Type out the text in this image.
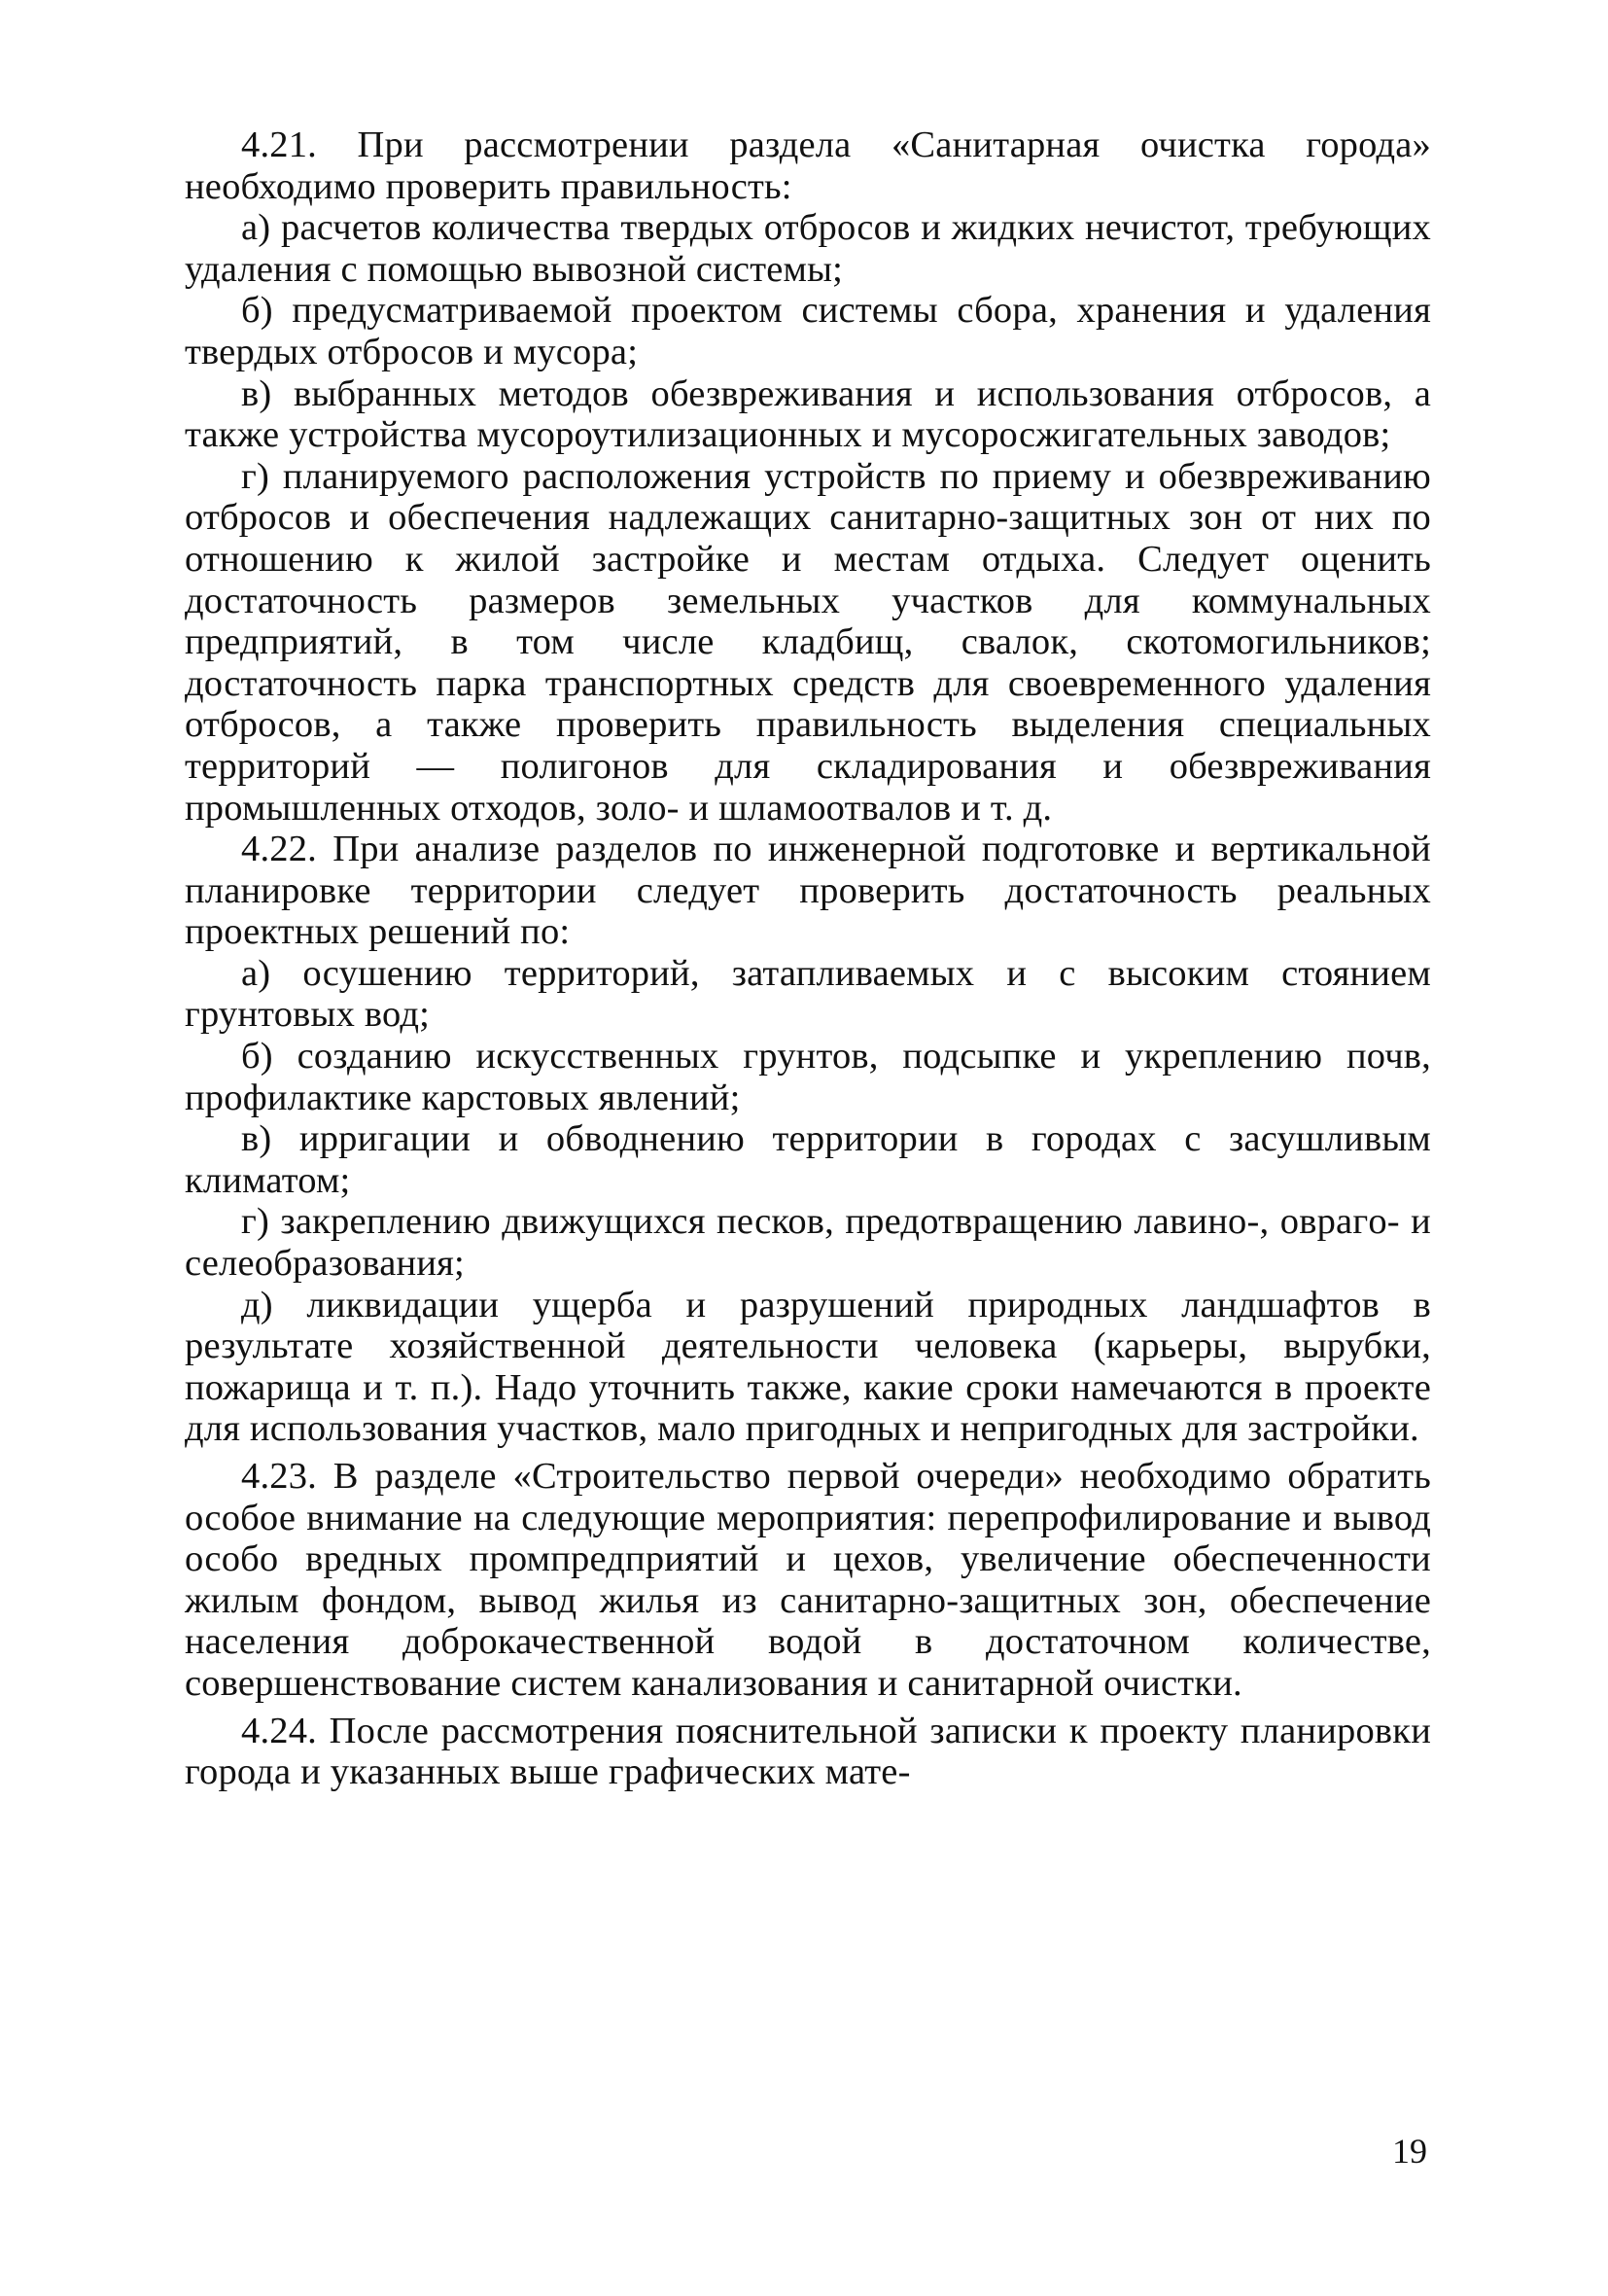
4.21. При рассмотрении раздела «Санитарная очистка города» необходимо проверить правильность:

а) расчетов количества твердых отбросов и жидких нечистот, требующих удаления с помощью вывозной системы;

б) предусматриваемой проектом системы сбора, хранения и удаления твердых отбросов и мусора;

в) выбранных методов обезвреживания и использования отбросов, а также устройства мусороутилизационных и мусоросжигательных заводов;

г) планируемого расположения устройств по приему и обезвреживанию отбросов и обеспечения надлежащих санитарно-защитных зон от них по отношению к жилой застройке и местам отдыха. Следует оценить достаточность размеров земельных участков для коммунальных предприятий, в том числе кладбищ, свалок, скотомогильников; достаточность парка транспортных средств для своевременного удаления отбросов, а также проверить правильность выделения специальных территорий — полигонов для складирования и обезвреживания промышленных отходов, золо- и шламоотвалов и т. д.

4.22. При анализе разделов по инженерной подготовке и вертикальной планировке территории следует проверить достаточность реальных проектных решений по:

а) осушению территорий, затапливаемых и с высоким стоянием грунтовых вод;

б) созданию искусственных грунтов, подсыпке и укреплению почв, профилактике карстовых явлений;

в) ирригации и обводнению территории в городах с засушливым климатом;

г) закреплению движущихся песков, предотвращению лавино-, оврагo- и селеобразования;

д) ликвидации ущерба и разрушений природных ландшафтов в результате хозяйственной деятельности человека (карьеры, вырубки, пожарища и т. п.). Надо уточнить также, какие сроки намечаются в проекте для использования участков, мало пригодных и непригодных для застройки.

4.23. В разделе «Строительство первой очереди» необходимо обратить особое внимание на следующие мероприятия: перепрофилирование и вывод особо вредных промпредприятий и цехов, увеличение обеспеченности жилым фондом, вывод жилья из санитарно-защитных зон, обеспечение населения доброкачественной водой в достаточном количестве, совершенствование систем канализования и санитарной очистки.

4.24. После рассмотрения пояснительной записки к проекту планировки города и указанных выше графических мате-

19
